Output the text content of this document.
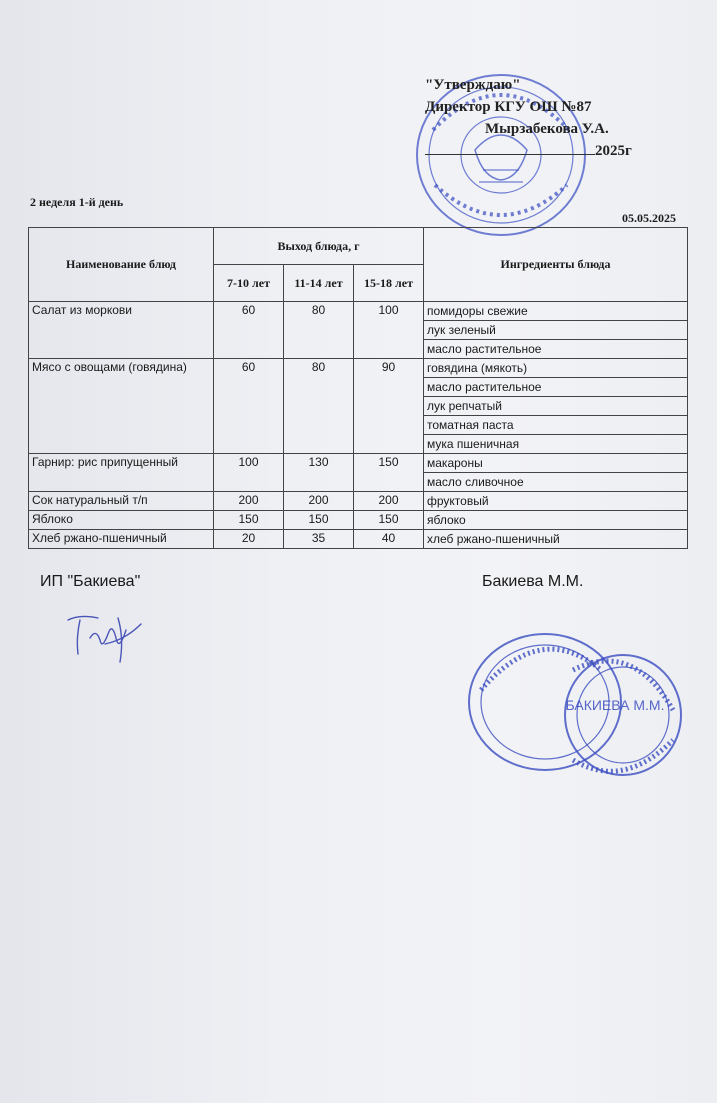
"Утверждаю"
Директор КГУ ОШ №87
Мырзабекова У.А.
2025г
2 неделя 1-й день
05.05.2025
Наименование блюд	Выход блюда, г			Ингредиенты блюда
	7-10 лет	11-14 лет	15-18 лет	
Салат из моркови	60	80	100	помидоры свежие
				лук зеленый
				масло растительное
Мясо с овощами (говядина)	60	80	90	говядина (мякоть)
				масло растительное
				лук репчатый
				томатная паста
				мука пшеничная
Гарнир: рис припущенный	100	130	150	макароны
				масло сливочное
Сок натуральный т/п	200	200	200	фруктовый
Яблоко	150	150	150	яблоко
Хлеб ржано-пшеничный	20	35	40	хлеб ржано-пшеничный
ИП "Бакиева"	Бакиева М.М.
БАКИЕВА М.М.
